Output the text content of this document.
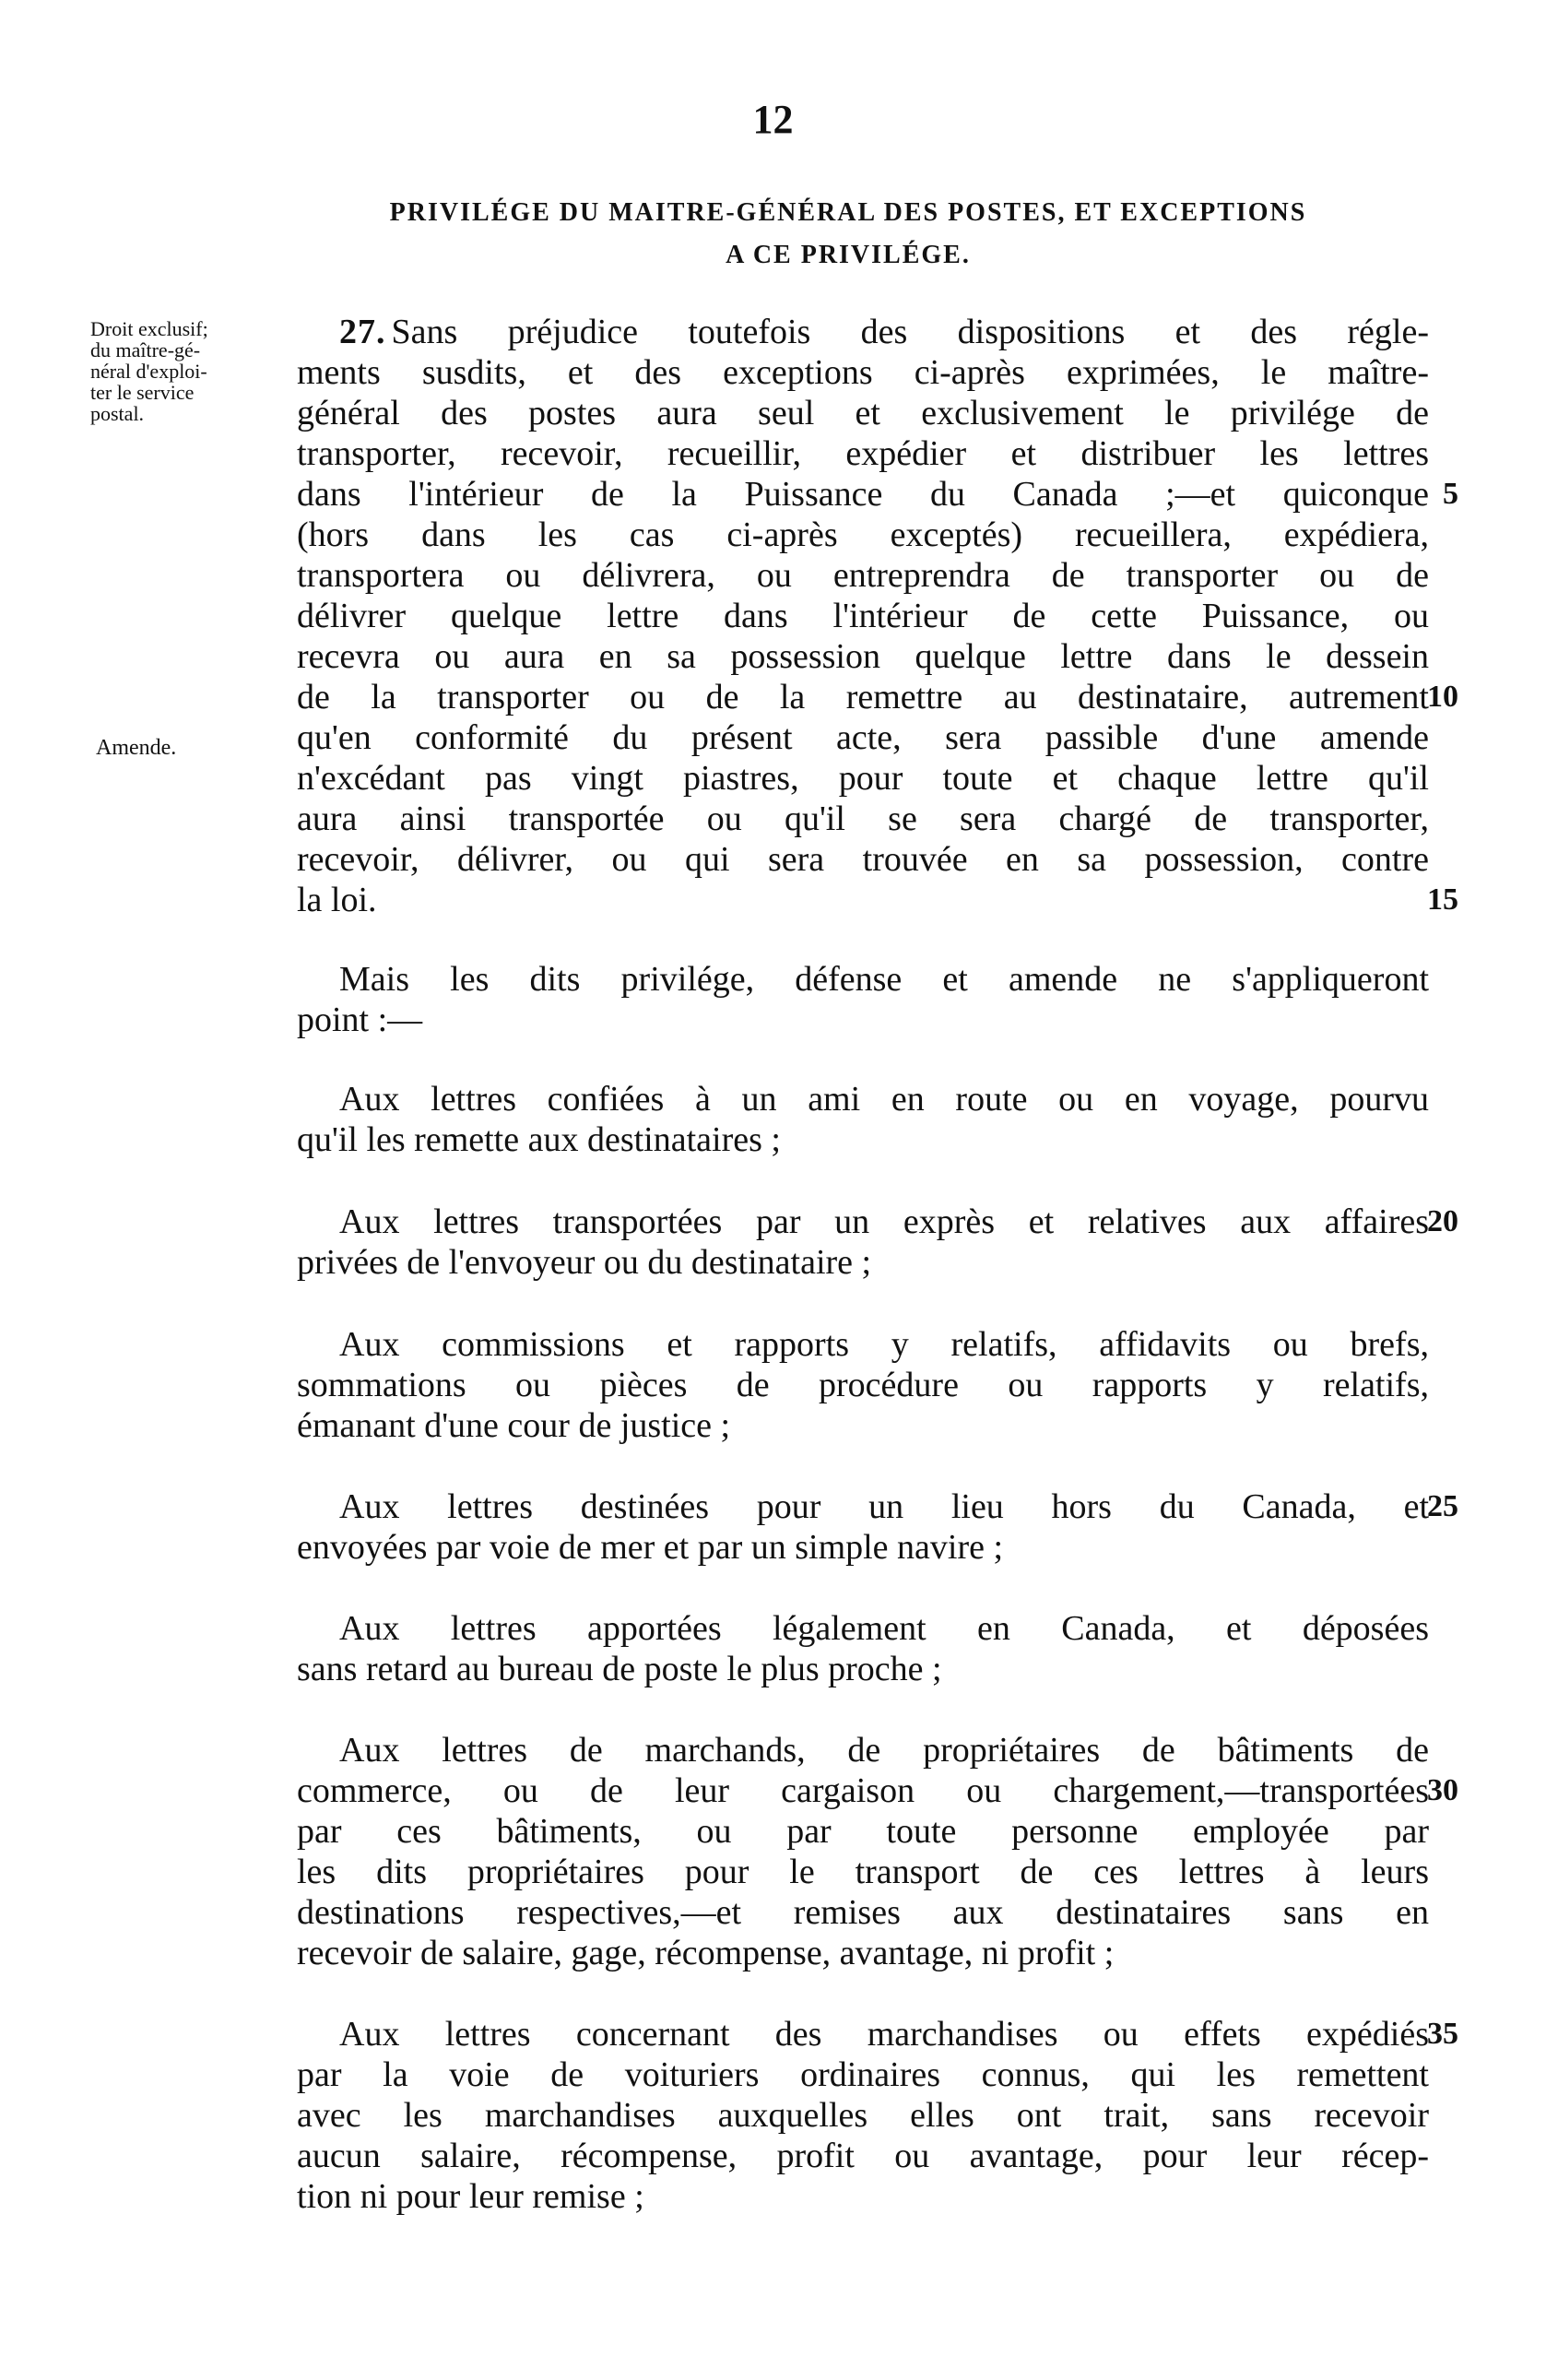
12
PRIVILÉGE DU MAITRE-GÉNÉRAL DES POSTES, ET EXCEPTIONS
A CE PRIVILÉGE.
Droit exclusif;
du maître-gé-
néral d'exploi-
ter le service
postal.
Amende.
27. Sans préjudice toutefois des dispositions et des régle-
ments susdits, et des exceptions ci-après exprimées, le maître-
général des postes aura seul et exclusivement le privilége de
transporter, recevoir, recueillir, expédier et distribuer les lettres
dans l'intérieur de la Puissance du Canada ;—et quiconque
(hors dans les cas ci-après exceptés) recueillera, expédiera,
transportera ou délivrera, ou entreprendra de transporter ou de
délivrer quelque lettre dans l'intérieur de cette Puissance, ou
recevra ou aura en sa possession quelque lettre dans le dessein
de la transporter ou de la remettre au destinataire, autrement
qu'en conformité du présent acte, sera passible d'une amende
n'excédant pas vingt piastres, pour toute et chaque lettre qu'il
aura ainsi transportée ou qu'il se sera chargé de transporter,
recevoir, délivrer, ou qui sera trouvée en sa possession, contre
la loi.
Mais les dits privilége, défense et amende ne s'appliqueront
point :—
Aux lettres confiées à un ami en route ou en voyage, pourvu
qu'il les remette aux destinataires ;
Aux lettres transportées par un exprès et relatives aux affaires
privées de l'envoyeur ou du destinataire ;
Aux commissions et rapports y relatifs, affidavits ou brefs,
sommations ou pièces de procédure ou rapports y relatifs,
émanant d'une cour de justice ;
Aux lettres destinées pour un lieu hors du Canada, et
envoyées par voie de mer et par un simple navire ;
Aux lettres apportées légalement en Canada, et déposées
sans retard au bureau de poste le plus proche ;
Aux lettres de marchands, de propriétaires de bâtiments de
commerce, ou de leur cargaison ou chargement,—transportées
par ces bâtiments, ou par toute personne employée par
les dits propriétaires pour le transport de ces lettres à leurs
destinations respectives,—et remises aux destinataires sans en
recevoir de salaire, gage, récompense, avantage, ni profit ;
Aux lettres concernant des marchandises ou effets expédiés
par la voie de voituriers ordinaires connus, qui les remettent
avec les marchandises auxquelles elles ont trait, sans recevoir
aucun salaire, récompense, profit ou avantage, pour leur récep-
tion ni pour leur remise ;
5
10
15
20
25
30
35
